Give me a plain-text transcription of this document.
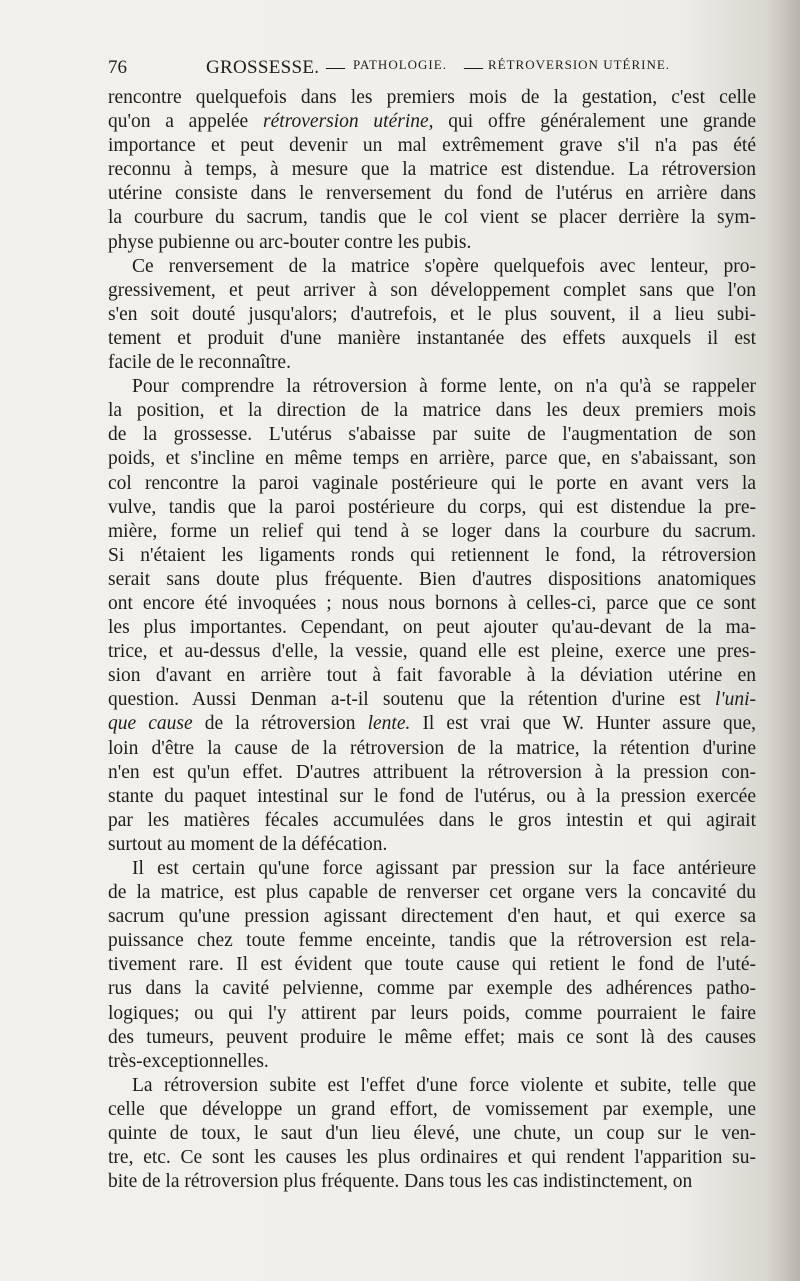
76	GROSSESSE. — PATHOLOGIE. — RÉTROVERSION UTÉRINE.
rencontre quelquefois dans les premiers mois de la gestation, c'est celle
qu'on a appelée rétroversion utérine, qui offre généralement une grande
importance et peut devenir un mal extrêmement grave s'il n'a pas été
reconnu à temps, à mesure que la matrice est distendue. La rétroversion
utérine consiste dans le renversement du fond de l'utérus en arrière dans
la courbure du sacrum, tandis que le col vient se placer derrière la sym-
physe pubienne ou arc-bouter contre les pubis.
Ce renversement de la matrice s'opère quelquefois avec lenteur, pro-
gressivement, et peut arriver à son développement complet sans que l'on
s'en soit douté jusqu'alors; d'autrefois, et le plus souvent, il a lieu subi-
tement et produit d'une manière instantanée des effets auxquels il est
facile de le reconnaître.
Pour comprendre la rétroversion à forme lente, on n'a qu'à se rappeler
la position, et la direction de la matrice dans les deux premiers mois
de la grossesse. L'utérus s'abaisse par suite de l'augmentation de son
poids, et s'incline en même temps en arrière, parce que, en s'abaissant, son
col rencontre la paroi vaginale postérieure qui le porte en avant vers la
vulve, tandis que la paroi postérieure du corps, qui est distendue la pre-
mière, forme un relief qui tend à se loger dans la courbure du sacrum.
Si n'étaient les ligaments ronds qui retiennent le fond, la rétroversion
serait sans doute plus fréquente. Bien d'autres dispositions anatomiques
ont encore été invoquées ; nous nous bornons à celles-ci, parce que ce sont
les plus importantes. Cependant, on peut ajouter qu'au-devant de la ma-
trice, et au-dessus d'elle, la vessie, quand elle est pleine, exerce une pres-
sion d'avant en arrière tout à fait favorable à la déviation utérine en
question. Aussi Denman a-t-il soutenu que la rétention d'urine est l'uni-
que cause de la rétroversion lente. Il est vrai que W. Hunter assure que,
loin d'être la cause de la rétroversion de la matrice, la rétention d'urine
n'en est qu'un effet. D'autres attribuent la rétroversion à la pression con-
stante du paquet intestinal sur le fond de l'utérus, ou à la pression exercée
par les matières fécales accumulées dans le gros intestin et qui agirait
surtout au moment de la défécation.
Il est certain qu'une force agissant par pression sur la face antérieure
de la matrice, est plus capable de renverser cet organe vers la concavité du
sacrum qu'une pression agissant directement d'en haut, et qui exerce sa
puissance chez toute femme enceinte, tandis que la rétroversion est rela-
tivement rare. Il est évident que toute cause qui retient le fond de l'uté-
rus dans la cavité pelvienne, comme par exemple des adhérences patho-
logiques; ou qui l'y attirent par leurs poids, comme pourraient le faire
des tumeurs, peuvent produire le même effet; mais ce sont là des causes
très-exceptionnelles.
La rétroversion subite est l'effet d'une force violente et subite, telle que
celle que développe un grand effort, de vomissement par exemple, une
quinte de toux, le saut d'un lieu élevé, une chute, un coup sur le ven-
tre, etc. Ce sont les causes les plus ordinaires et qui rendent l'apparition su-
bite de la rétroversion plus fréquente. Dans tous les cas indistinctement, on
